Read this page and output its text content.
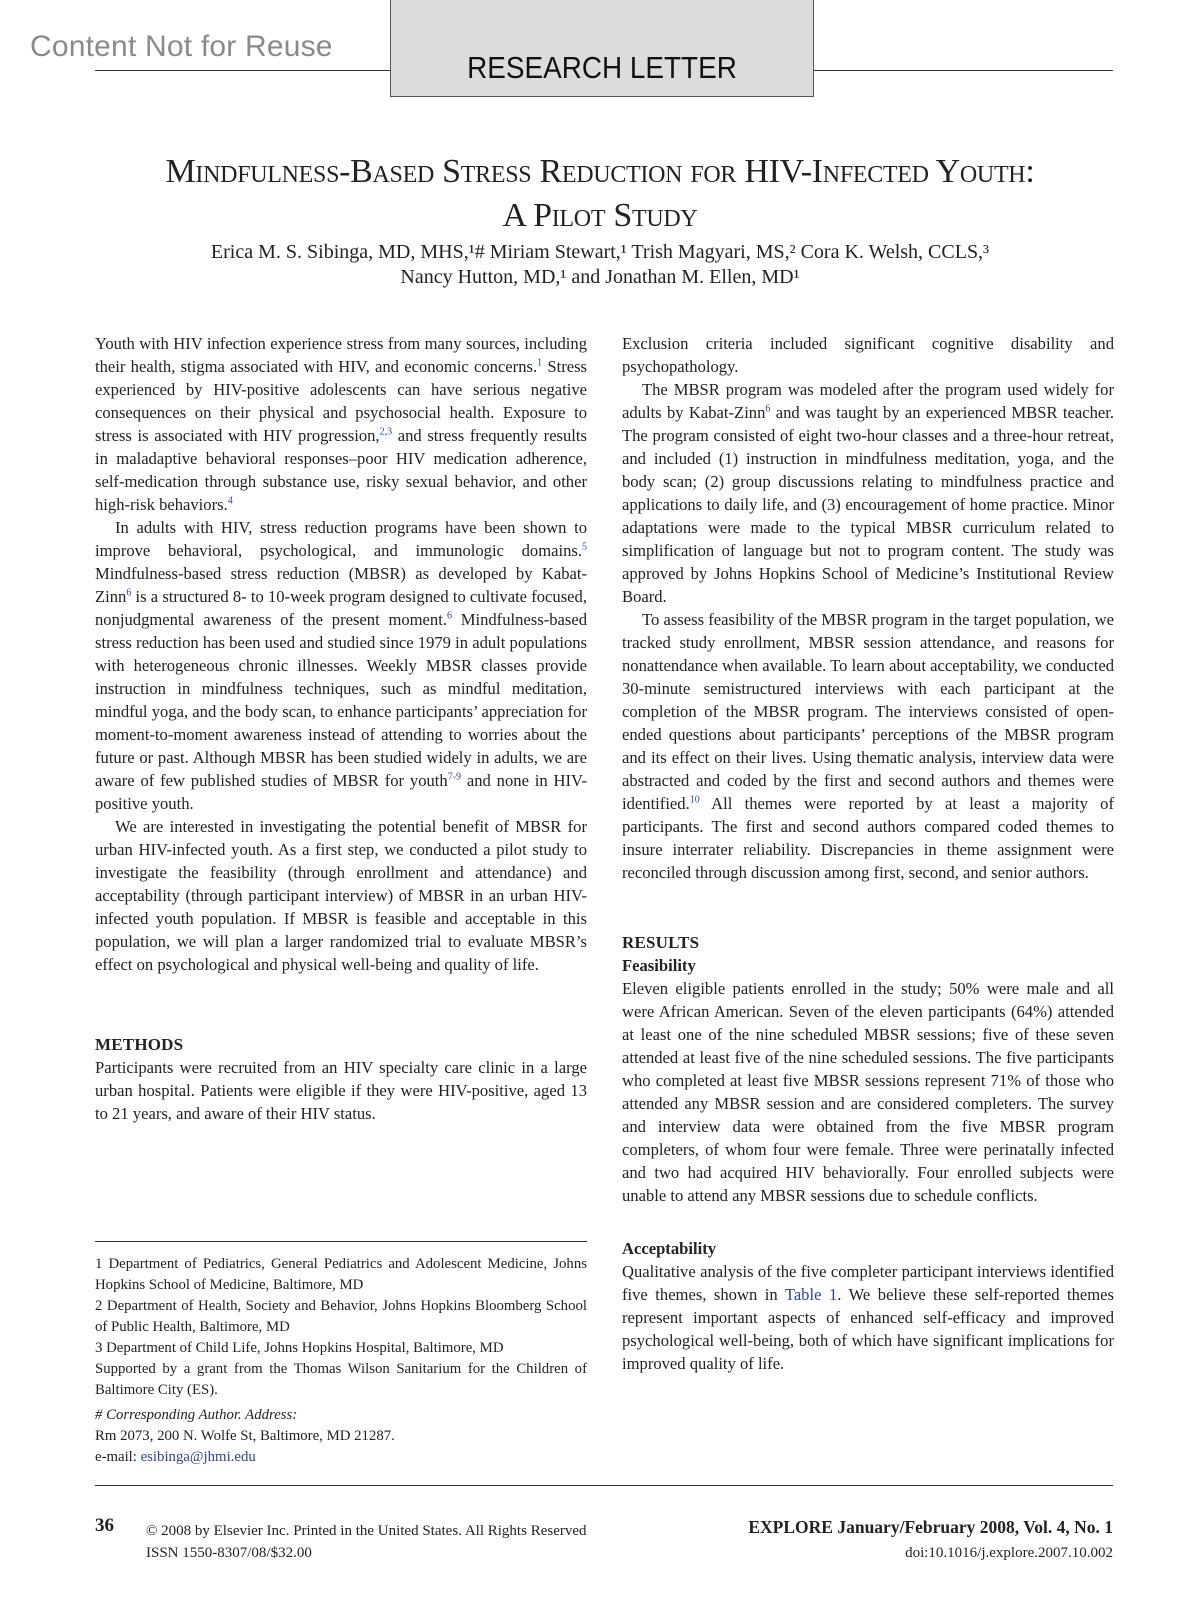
Content Not for Reuse
RESEARCH LETTER
Mindfulness-Based Stress Reduction for HIV-Infected Youth:
A Pilot Study
Erica M. S. Sibinga, MD, MHS,¹# Miriam Stewart,¹ Trish Magyari, MS,² Cora K. Welsh, CCLS,³
Nancy Hutton, MD,¹ and Jonathan M. Ellen, MD¹

Youth with HIV infection experience stress from many sources, including their health, stigma associated with HIV, and economic concerns.$^1$ Stress experienced by HIV-positive adolescents can have serious negative consequences on their physical and psychosocial health. Exposure to stress is associated with HIV progression,$^{2,3}$ and stress frequently results in maladaptive behavioral responses–poor HIV medication adherence, self-medication through substance use, risky sexual behavior, and other high-risk behaviors.$^4$

In adults with HIV, stress reduction programs have been shown to improve behavioral, psychological, and immunologic domains.$^5$ Mindfulness-based stress reduction (MBSR) as developed by Kabat-Zinn$^6$ is a structured 8- to 10-week program designed to cultivate focused, nonjudgmental awareness of the present moment.$^6$ Mindfulness-based stress reduction has been used and studied since 1979 in adult populations with heterogeneous chronic illnesses. Weekly MBSR classes provide instruction in mindfulness techniques, such as mindful meditation, mindful yoga, and the body scan, to enhance participants’ appreciation for moment-to-moment awareness instead of attending to worries about the future or past. Although MBSR has been studied widely in adults, we are aware of few published studies of MBSR for youth$^{7-9}$ and none in HIV-positive youth.

We are interested in investigating the potential benefit of MBSR for urban HIV-infected youth. As a first step, we conducted a pilot study to investigate the feasibility (through enrollment and attendance) and acceptability (through participant interview) of MBSR in an urban HIV-infected youth population. If MBSR is feasible and acceptable in this population, we will plan a larger randomized trial to evaluate MBSR’s effect on psychological and physical well-being and quality of life.

METHODS

Participants were recruited from an HIV specialty care clinic in a large urban hospital. Patients were eligible if they were HIV-positive, aged 13 to 21 years, and aware of their HIV status.

Exclusion criteria included significant cognitive disability and psychopathology.

The MBSR program was modeled after the program used widely for adults by Kabat-Zinn$^6$ and was taught by an experienced MBSR teacher. The program consisted of eight two-hour classes and a three-hour retreat, and included (1) instruction in mindfulness meditation, yoga, and the body scan; (2) group discussions relating to mindfulness practice and applications to daily life, and (3) encouragement of home practice. Minor adaptations were made to the typical MBSR curriculum related to simplification of language but not to program content. The study was approved by Johns Hopkins School of Medicine’s Institutional Review Board.

To assess feasibility of the MBSR program in the target population, we tracked study enrollment, MBSR session attendance, and reasons for nonattendance when available. To learn about acceptability, we conducted 30-minute semistructured interviews with each participant at the completion of the MBSR program. The interviews consisted of open-ended questions about participants’ perceptions of the MBSR program and its effect on their lives. Using thematic analysis, interview data were abstracted and coded by the first and second authors and themes were identified.$^{10}$ All themes were reported by at least a majority of participants. The first and second authors compared coded themes to insure interrater reliability. Discrepancies in theme assignment were reconciled through discussion among first, second, and senior authors.

RESULTS
Feasibility

Eleven eligible patients enrolled in the study; 50% were male and all were African American. Seven of the eleven participants (64%) attended at least one of the nine scheduled MBSR sessions; five of these seven attended at least five of the nine scheduled sessions. The five participants who completed at least five MBSR sessions represent 71% of those who attended any MBSR session and are considered completers. The survey and interview data were obtained from the five MBSR program completers, of whom four were female. Three were perinatally infected and two had acquired HIV behaviorally. Four enrolled subjects were unable to attend any MBSR sessions due to schedule conflicts.

Acceptability

Qualitative analysis of the five completer participant interviews identified five themes, shown in Table 1. We believe these self-reported themes represent important aspects of enhanced self-efficacy and improved psychological well-being, both of which have significant implications for improved quality of life.

1 Department of Pediatrics, General Pediatrics and Adolescent Medicine, Johns Hopkins School of Medicine, Baltimore, MD
2 Department of Health, Society and Behavior, Johns Hopkins Bloomberg School of Public Health, Baltimore, MD
3 Department of Child Life, Johns Hopkins Hospital, Baltimore, MD
Supported by a grant from the Thomas Wilson Sanitarium for the Children of Baltimore City (ES).
# Corresponding Author. Address:
Rm 2073, 200 N. Wolfe St, Baltimore, MD 21287.
e-mail: esibinga@jhmi.edu
36 © 2008 by Elsevier Inc. Printed in the United States. All Rights Reserved
ISSN 1550-8307/08/$32.00
EXPLORE January/February 2008, Vol. 4, No. 1
doi:10.1016/j.explore.2007.10.002
